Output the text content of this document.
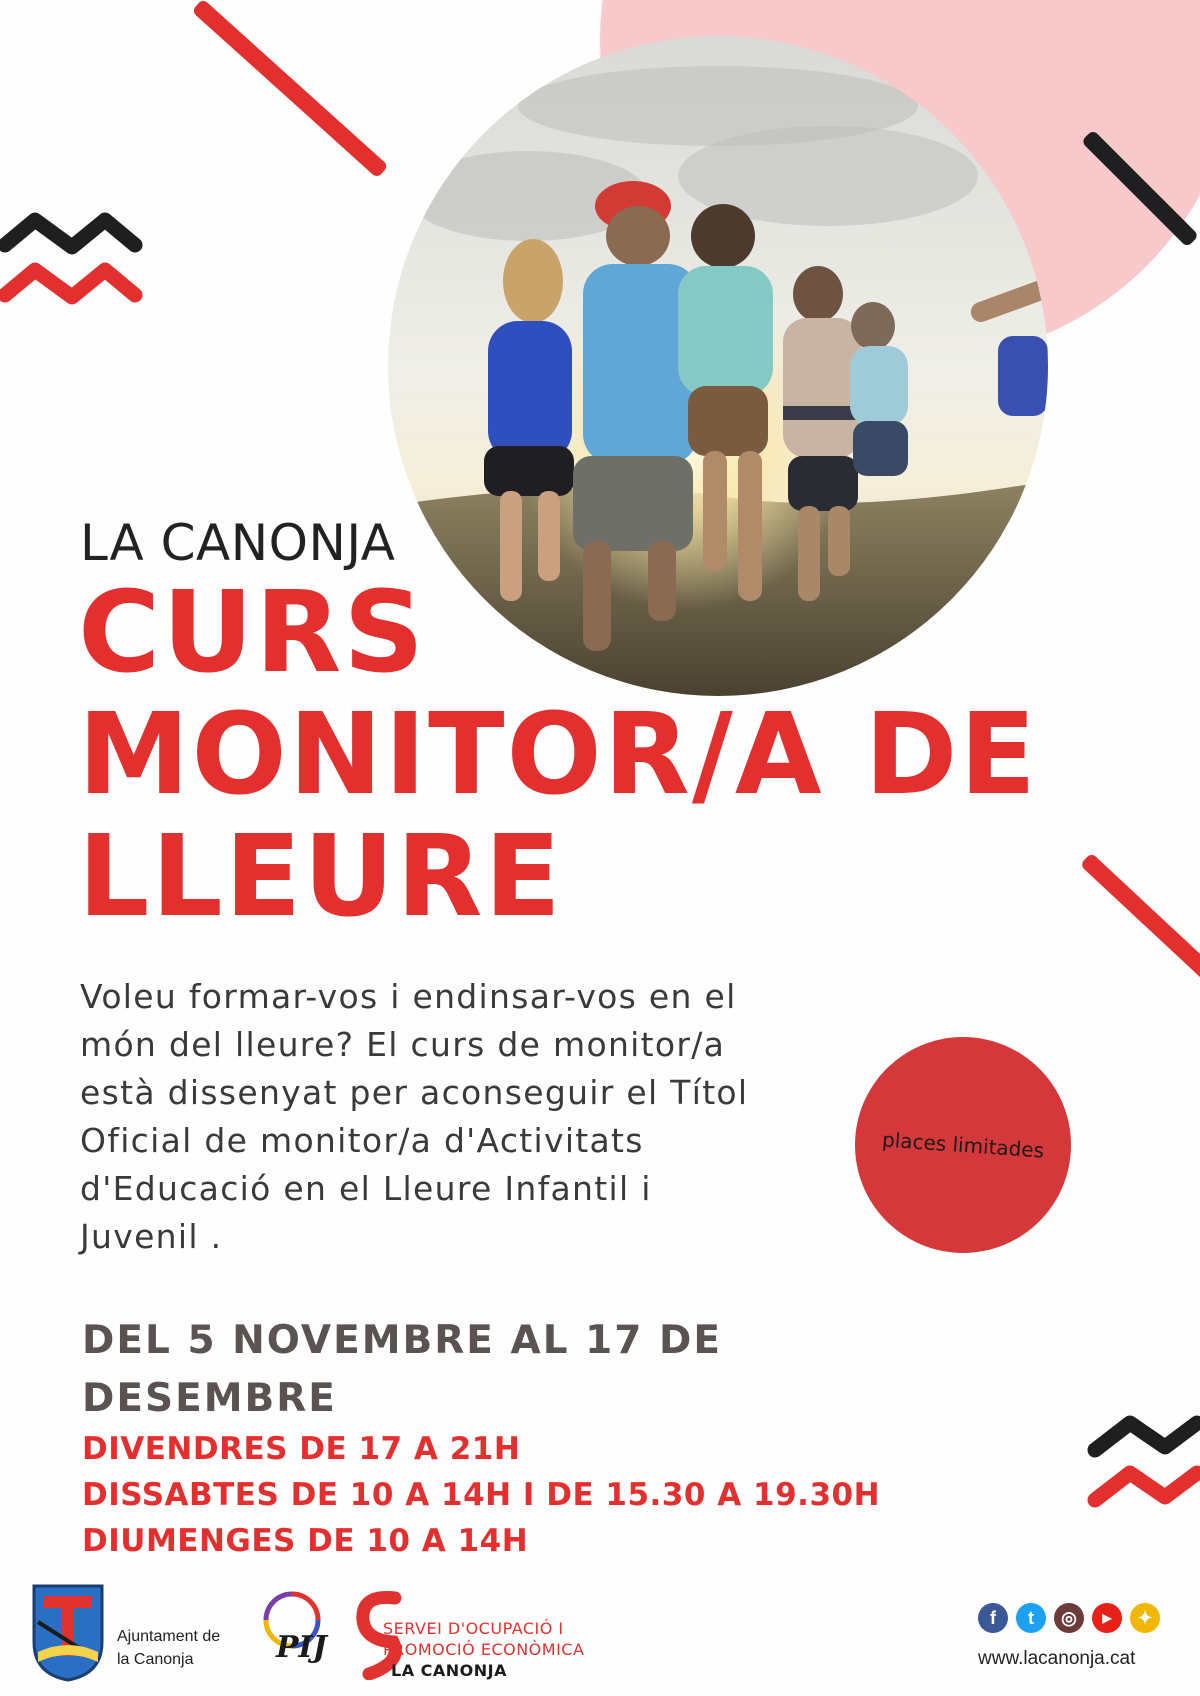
LA CANONJA
CURS
MONITOR/A DE
LLEURE
Voleu formar-vos i endinsar-vos en el
món del lleure? El curs de monitor/a
està dissenyat per aconseguir el Títol
Oficial de monitor/a d'Activitats
d'Educació en el Lleure Infantil i
Juvenil .
places limitades
DEL 5 NOVEMBRE AL 17 DE
DESEMBRE
DIVENDRES DE 17 A 21H
DISSABTES DE 10 A 14H I DE 15.30 A 19.30H
DIUMENGES DE 10 A 14H
Ajuntament de
la Canonja	PIJ
SERVEI D'OCUPACIÓ I
PROMOCIÓ ECONÒMICA
LA CANONJA
f	t	◎	▶	✦
www.lacanonja.cat
